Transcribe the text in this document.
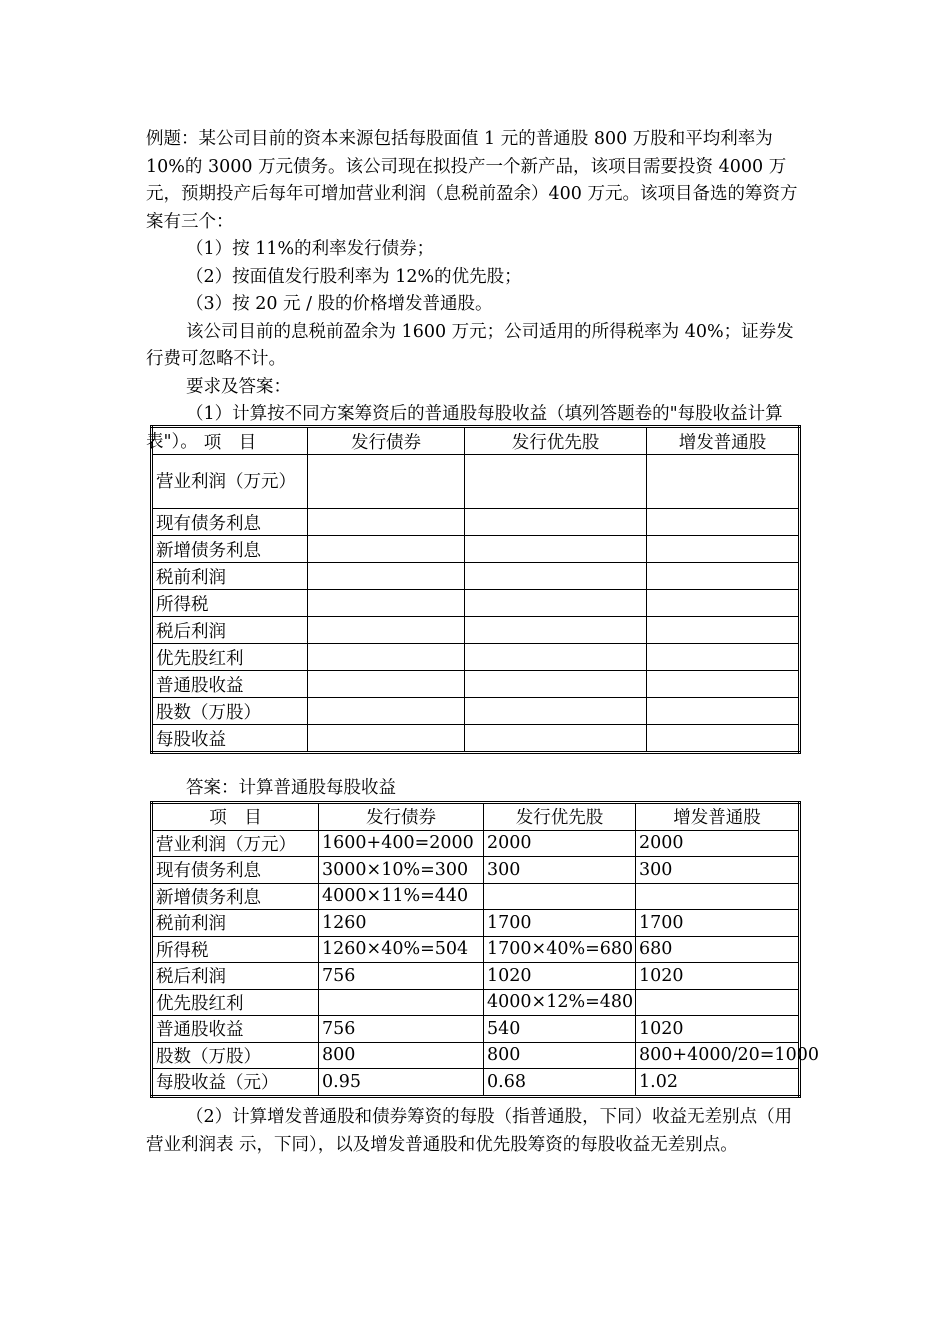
例题：某公司目前的资本来源包括每股面值 1 元的普通股 800 万股和平均利率为 10%的 3000 万元债务。该公司现在拟投产一个新产品，该项目需要投资 4000 万元，预期投产后每年可增加营业利润（息税前盈余）400 万元。该项目备选的筹资方案有三个：

（1）按 11%的利率发行债券；

（2）按面值发行股利率为 12%的优先股；

（3）按 20 元 / 股的价格增发普通股。

该公司目前的息税前盈余为 1600 万元；公司适用的所得税率为 40%；证券发行费可忽略不计。

要求及答案：

（1）计算按不同方案筹资后的普通股每股收益（填列答题卷的"每股收益计算表"）。 项　目	发行债券	发行优先股	增发普通股
营业利润（万元）			
现有债务利息			
新增债务利息			
税前利润			
所得税			
税后利润			
优先股红利			
普通股收益			
股数（万股）			
每股收益			
答案：计算普通股每股收益
项　目	发行债券	发行优先股	增发普通股
营业利润（万元）	1600+400=2000	2000	2000
现有债务利息	3000×10%=300	300	300
新增债务利息	4000×11%=440		
税前利润	1260	1700	1700
所得税	1260×40%=504	1700×40%=680	680
税后利润	756	1020	1020
优先股红利		4000×12%=480	
普通股收益	756	540	1020
股数（万股）	800	800	800+4000/20=1000
每股收益（元）	0.95	0.68	1.02

（2）计算增发普通股和债券筹资的每股（指普通股，下同）收益无差别点（用营业利润表 示，下同），以及增发普通股和优先股筹资的每股收益无差别点。
